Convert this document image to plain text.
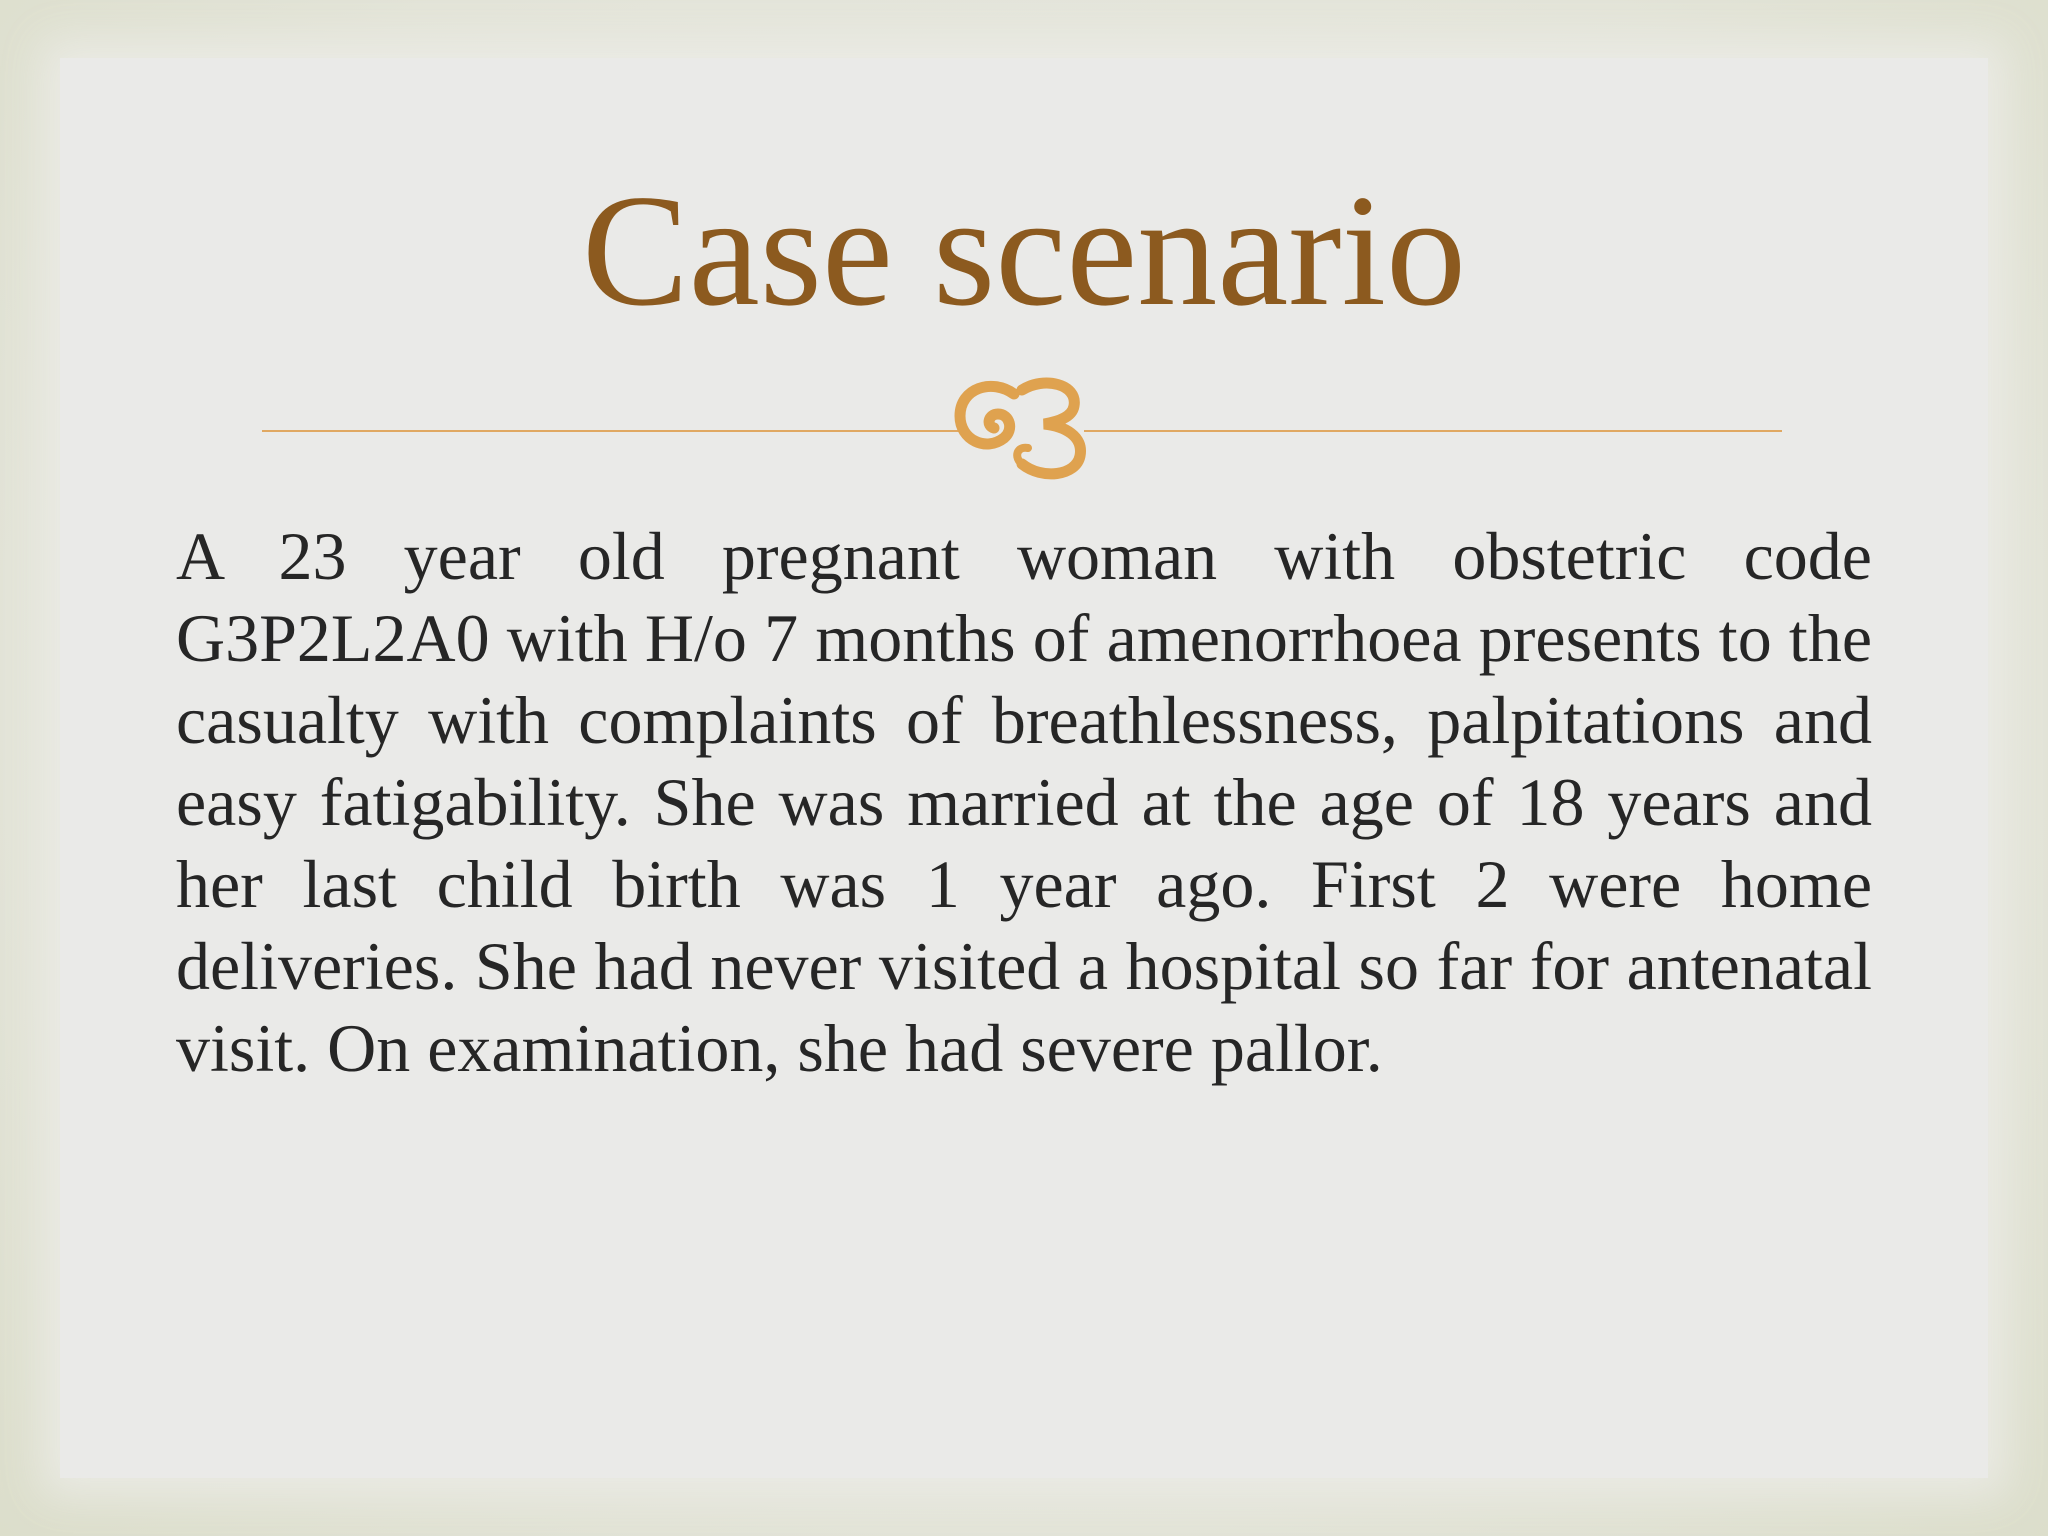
Case scenario

A 23 year old pregnant woman with obstetric code G3P2L2A0 with H/o 7 months of amenorrhoea presents to the casualty with complaints of breathlessness, palpitations and easy fatigability. She was married at the age of 18 years and her last child birth was 1 year ago. First 2 were home deliveries. She had never visited a hospital so far for antenatal visit. On examination, she had severe pallor.
